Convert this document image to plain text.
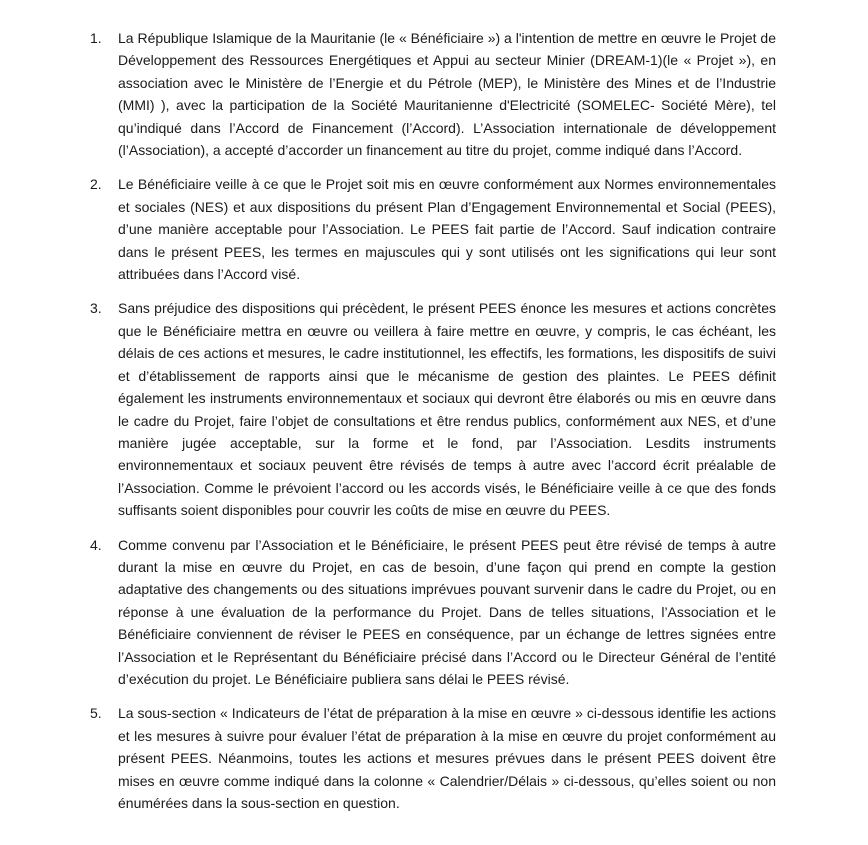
1.	La République Islamique de la Mauritanie (le « Bénéficiaire ») a l'intention de mettre en œuvre le Projet de Développement des Ressources Energétiques et Appui au secteur Minier (DREAM-1)(le « Projet »), en association avec le Ministère de l’Energie et du Pétrole (MEP), le Ministère des Mines et de l’Industrie (MMI) ), avec la participation de la Société Mauritanienne d'Electricité (SOMELEC- Société Mère), tel qu’indiqué dans l’Accord de Financement (l’Accord). L’Association internationale de développement (l’Association), a accepté d’accorder un financement au titre du projet, comme indiqué dans l’Accord.
2.	Le Bénéficiaire veille à ce que le Projet soit mis en œuvre conformément aux Normes environnementales et sociales (NES) et aux dispositions du présent Plan d’Engagement Environnemental et Social (PEES), d’une manière acceptable pour l’Association. Le PEES fait partie de l’Accord. Sauf indication contraire dans le présent PEES, les termes en majuscules qui y sont utilisés ont les significations qui leur sont attribuées dans l’Accord visé.
3.	Sans préjudice des dispositions qui précèdent, le présent PEES énonce les mesures et actions concrètes que le Bénéficiaire mettra en œuvre ou veillera à faire mettre en œuvre, y compris, le cas échéant, les délais de ces actions et mesures, le cadre institutionnel, les effectifs, les formations, les dispositifs de suivi et d’établissement de rapports ainsi que le mécanisme de gestion des plaintes. Le PEES définit également les instruments environnementaux et sociaux qui devront être élaborés ou mis en œuvre dans le cadre du Projet, faire l’objet de consultations et être rendus publics, conformément aux NES, et d’une manière jugée acceptable, sur la forme et le fond, par l’Association. Lesdits instruments environnementaux et sociaux peuvent être révisés de temps à autre avec l’accord écrit préalable de l’Association. Comme le prévoient l’accord ou les accords visés, le Bénéficiaire veille à ce que des fonds suffisants soient disponibles pour couvrir les coûts de mise en œuvre du PEES.
4.	Comme convenu par l’Association et le Bénéficiaire, le présent PEES peut être révisé de temps à autre durant la mise en œuvre du Projet, en cas de besoin, d’une façon qui prend en compte la gestion adaptative des changements ou des situations imprévues pouvant survenir dans le cadre du Projet, ou en réponse à une évaluation de la performance du Projet. Dans de telles situations, l’Association et le Bénéficiaire conviennent de réviser le PEES en conséquence, par un échange de lettres signées entre l’Association et le Représentant du Bénéficiaire précisé dans l’Accord ou le Directeur Général de l’entité d’exécution du projet. Le Bénéficiaire publiera sans délai le PEES révisé.
5.	La sous-section « Indicateurs de l’état de préparation à la mise en œuvre » ci-dessous identifie les actions et les mesures à suivre pour évaluer l’état de préparation à la mise en œuvre du projet conformément au présent PEES. Néanmoins, toutes les actions et mesures prévues dans le présent PEES doivent être mises en œuvre comme indiqué dans la colonne « Calendrier/Délais » ci-dessous, qu’elles soient ou non énumérées dans la sous-section en question.
